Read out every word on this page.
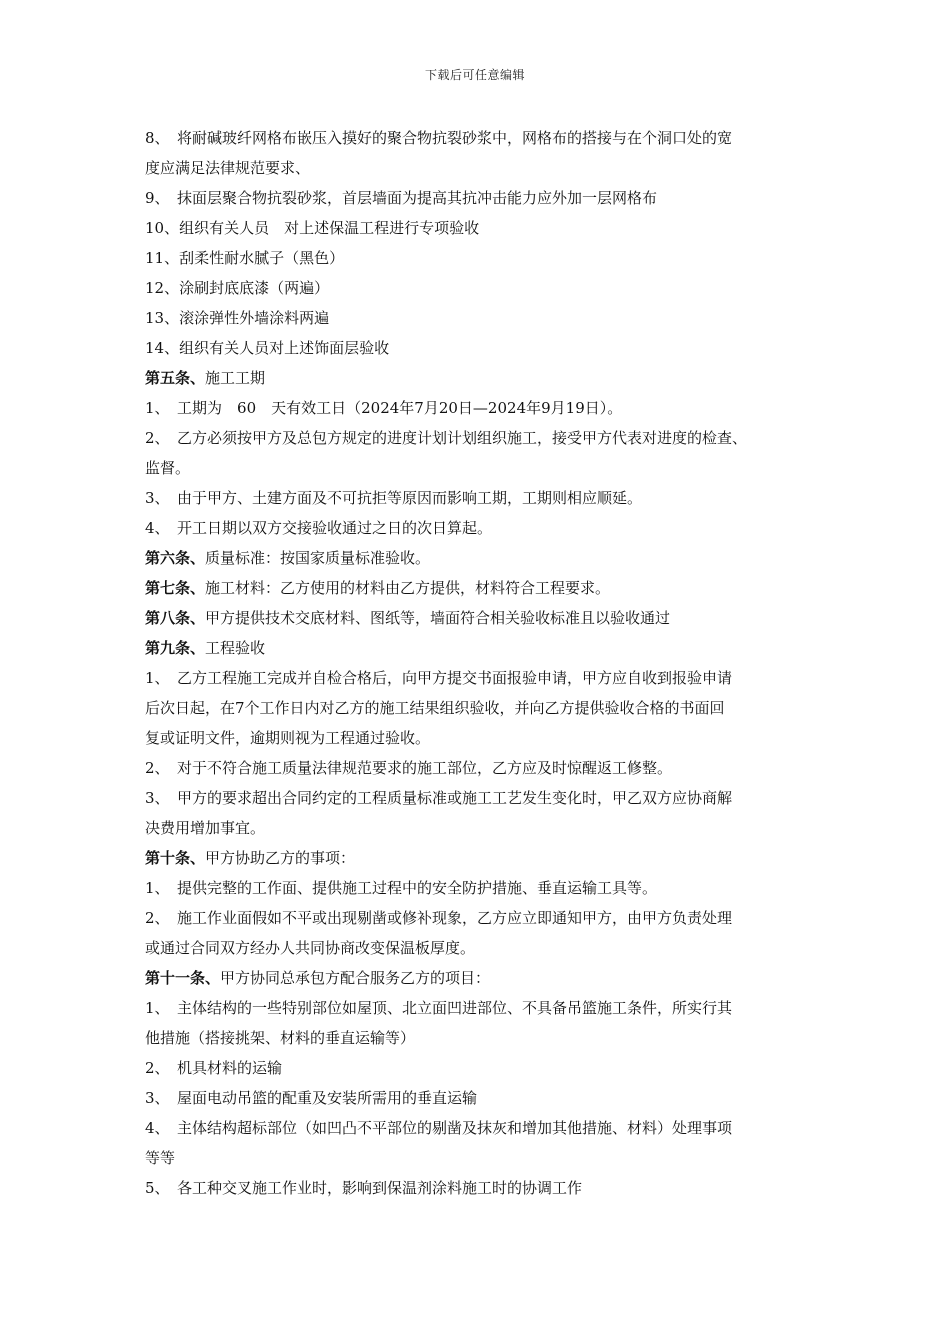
下载后可任意编辑
8、　将耐碱玻纤网格布嵌压入摸好的聚合物抗裂砂浆中，网格布的搭接与在个洞口处的宽
度应满足法律规范要求、
9、　抹面层聚合物抗裂砂浆，首层墙面为提高其抗冲击能力应外加一层网格布
10、组织有关人员　对上述保温工程进行专项验收
11、刮柔性耐水腻子（黑色）
12、涂刷封底底漆（两遍）
13、滚涂弹性外墙涂料两遍
14、组织有关人员对上述饰面层验收
第五条、施工工期
1、　工期为　60　天有效工日（2024年7月20日—2024年9月19日）。
2、　乙方必须按甲方及总包方规定的进度计划计划组织施工，接受甲方代表对进度的检查、
监督。
3、　由于甲方、土建方面及不可抗拒等原因而影响工期，工期则相应顺延。
4、　开工日期以双方交接验收通过之日的次日算起。
第六条、质量标准：按国家质量标准验收。
第七条、施工材料：乙方使用的材料由乙方提供，材料符合工程要求。
第八条、甲方提供技术交底材料、图纸等，墙面符合相关验收标准且以验收通过
第九条、工程验收
1、　乙方工程施工完成并自检合格后，向甲方提交书面报验申请，甲方应自收到报验申请
后次日起，在7个工作日内对乙方的施工结果组织验收，并向乙方提供验收合格的书面回
复或证明文件，逾期则视为工程通过验收。
2、　对于不符合施工质量法律规范要求的施工部位，乙方应及时惊醒返工修整。
3、　甲方的要求超出合同约定的工程质量标准或施工工艺发生变化时，甲乙双方应协商解
决费用增加事宜。
第十条、甲方协助乙方的事项：
1、　提供完整的工作面、提供施工过程中的安全防护措施、垂直运输工具等。
2、　施工作业面假如不平或出现剔凿或修补现象，乙方应立即通知甲方，由甲方负责处理
或通过合同双方经办人共同协商改变保温板厚度。
第十一条、甲方协同总承包方配合服务乙方的项目：
1、　主体结构的一些特别部位如屋顶、北立面凹进部位、不具备吊篮施工条件，所实行其
他措施（搭接挑架、材料的垂直运输等）
2、　机具材料的运输
3、　屋面电动吊篮的配重及安装所需用的垂直运输
4、　主体结构超标部位（如凹凸不平部位的剔凿及抹灰和增加其他措施、材料）处理事项
等等
5、　各工种交叉施工作业时，影响到保温剂涂料施工时的协调工作
